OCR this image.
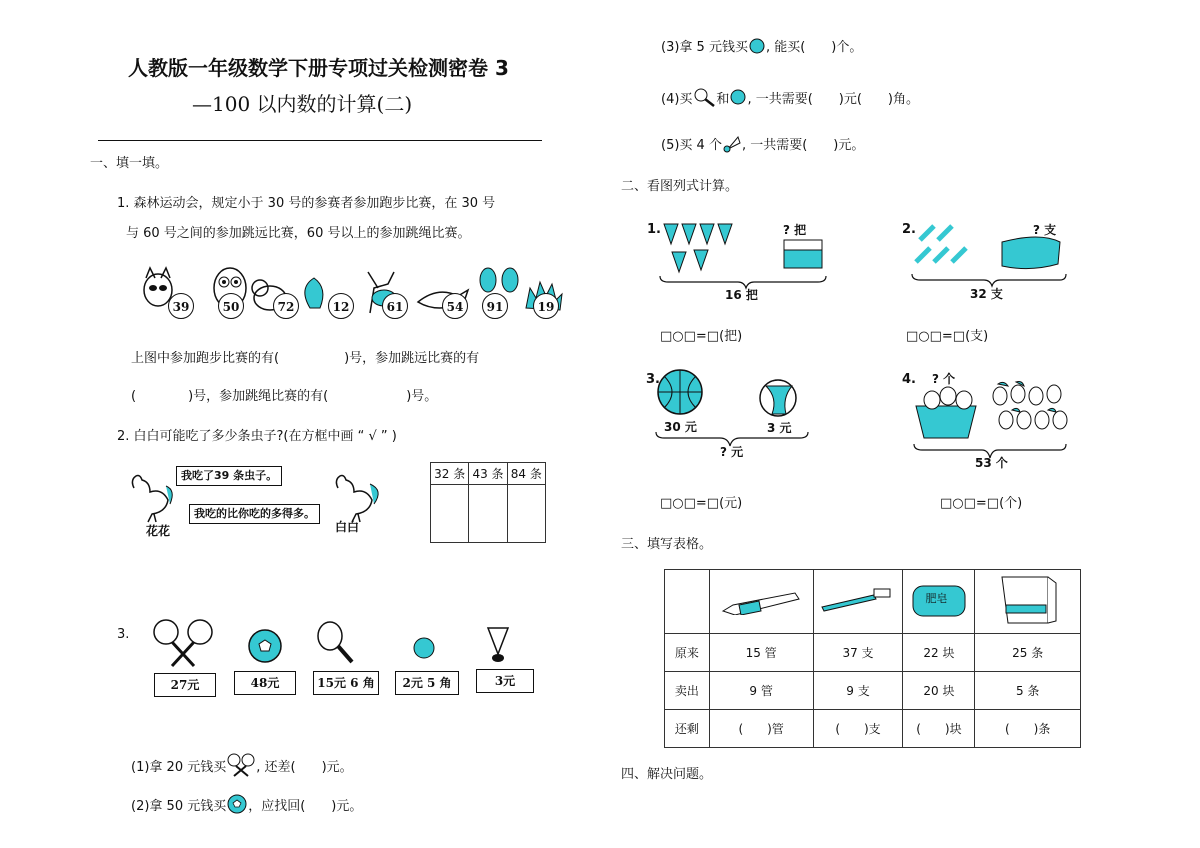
人教版一年级数学下册专项过关检测密卷 3
—100 以内数的计算(二)
一、填一填。
1. 森林运动会，规定小于 30 号的参赛者参加跑步比赛，在 30 号
与 60 号之间的参加跳远比赛，60 号以上的参加跳绳比赛。
39	50	72	12	61	54	91	19
上图中参加跑步比赛的有(　　　　　)号，参加跳远比赛的有
(　　　　)号，参加跳绳比赛的有(　　　　　　)号。
2. 白白可能吃了多少条虫子?(在方框中画 “ √ ” )
我吃了39 条虫子。
我吃的比你吃的多得多。
花花	白白
32 条	43 条	84 条

3.
27元	48元	15元 6 角	2元 5 角	3元
(1)拿 20 元钱买 , 还差(　　)元。
(2)拿 50 元钱买 ，应找回(　　)元。
(3)拿 5 元钱买 , 能买(　　)个。
(4)买 和 , 一共需要(　　)元(　　)角。
(5)买 4 个 , 一共需要(　　)元。
二、看图列式计算。
1.	? 把
16 把
□○□=□(把)
2.	? 支
32 支
□○□=□(支)
3.
30 元	3 元
? 元
□○□=□(元)
4. ? 个
53 个
□○□=□(个)
三、填写表格。

肥皂

原来	15 管	37 支	22 块	25 条
卖出	9 管	9 支	20 块	5 条
还剩	(　　)管	(　　)支	(　　)块	(　　)条
四、解决问题。
